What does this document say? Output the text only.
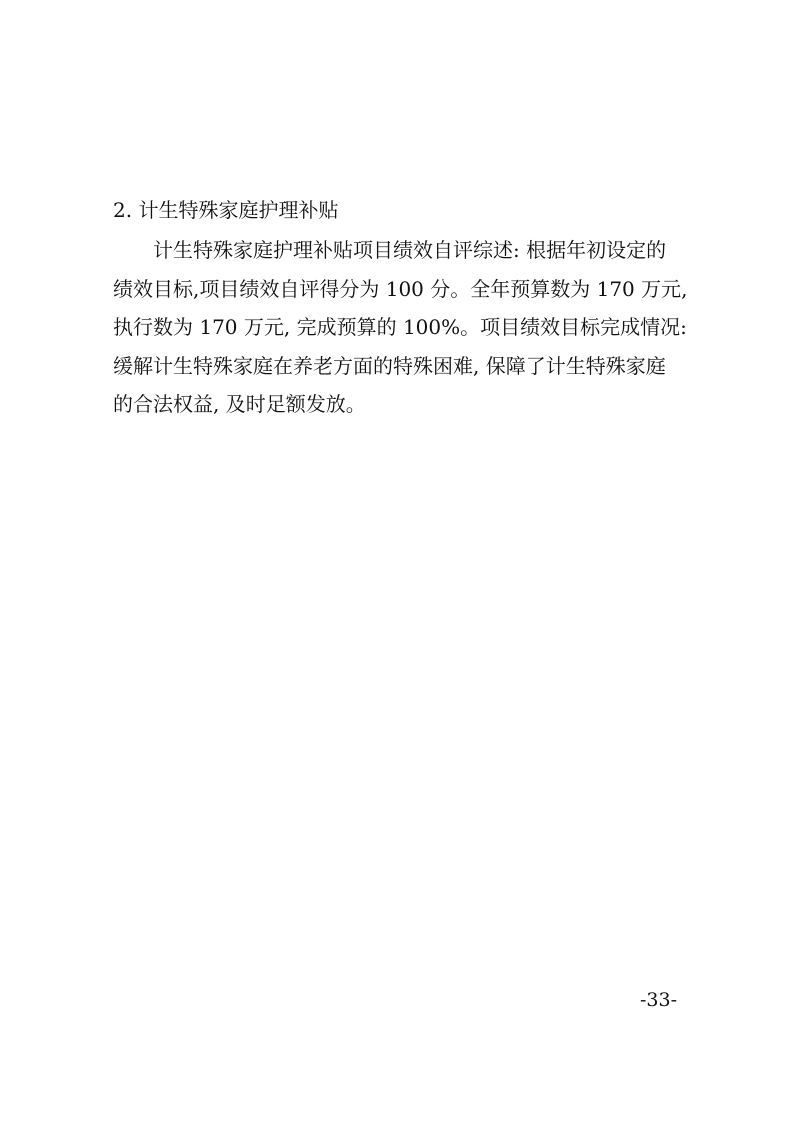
2. 计生特殊家庭护理补贴

计生特殊家庭护理补贴项目绩效自评综述: 根据年初设定的
绩效目标,项目绩效自评得分为 100 分。全年预算数为 170 万元,
执行数为 170 万元, 完成预算的 100%。项目绩效目标完成情况:
缓解计生特殊家庭在养老方面的特殊困难, 保障了计生特殊家庭
的合法权益, 及时足额发放。

-33-
